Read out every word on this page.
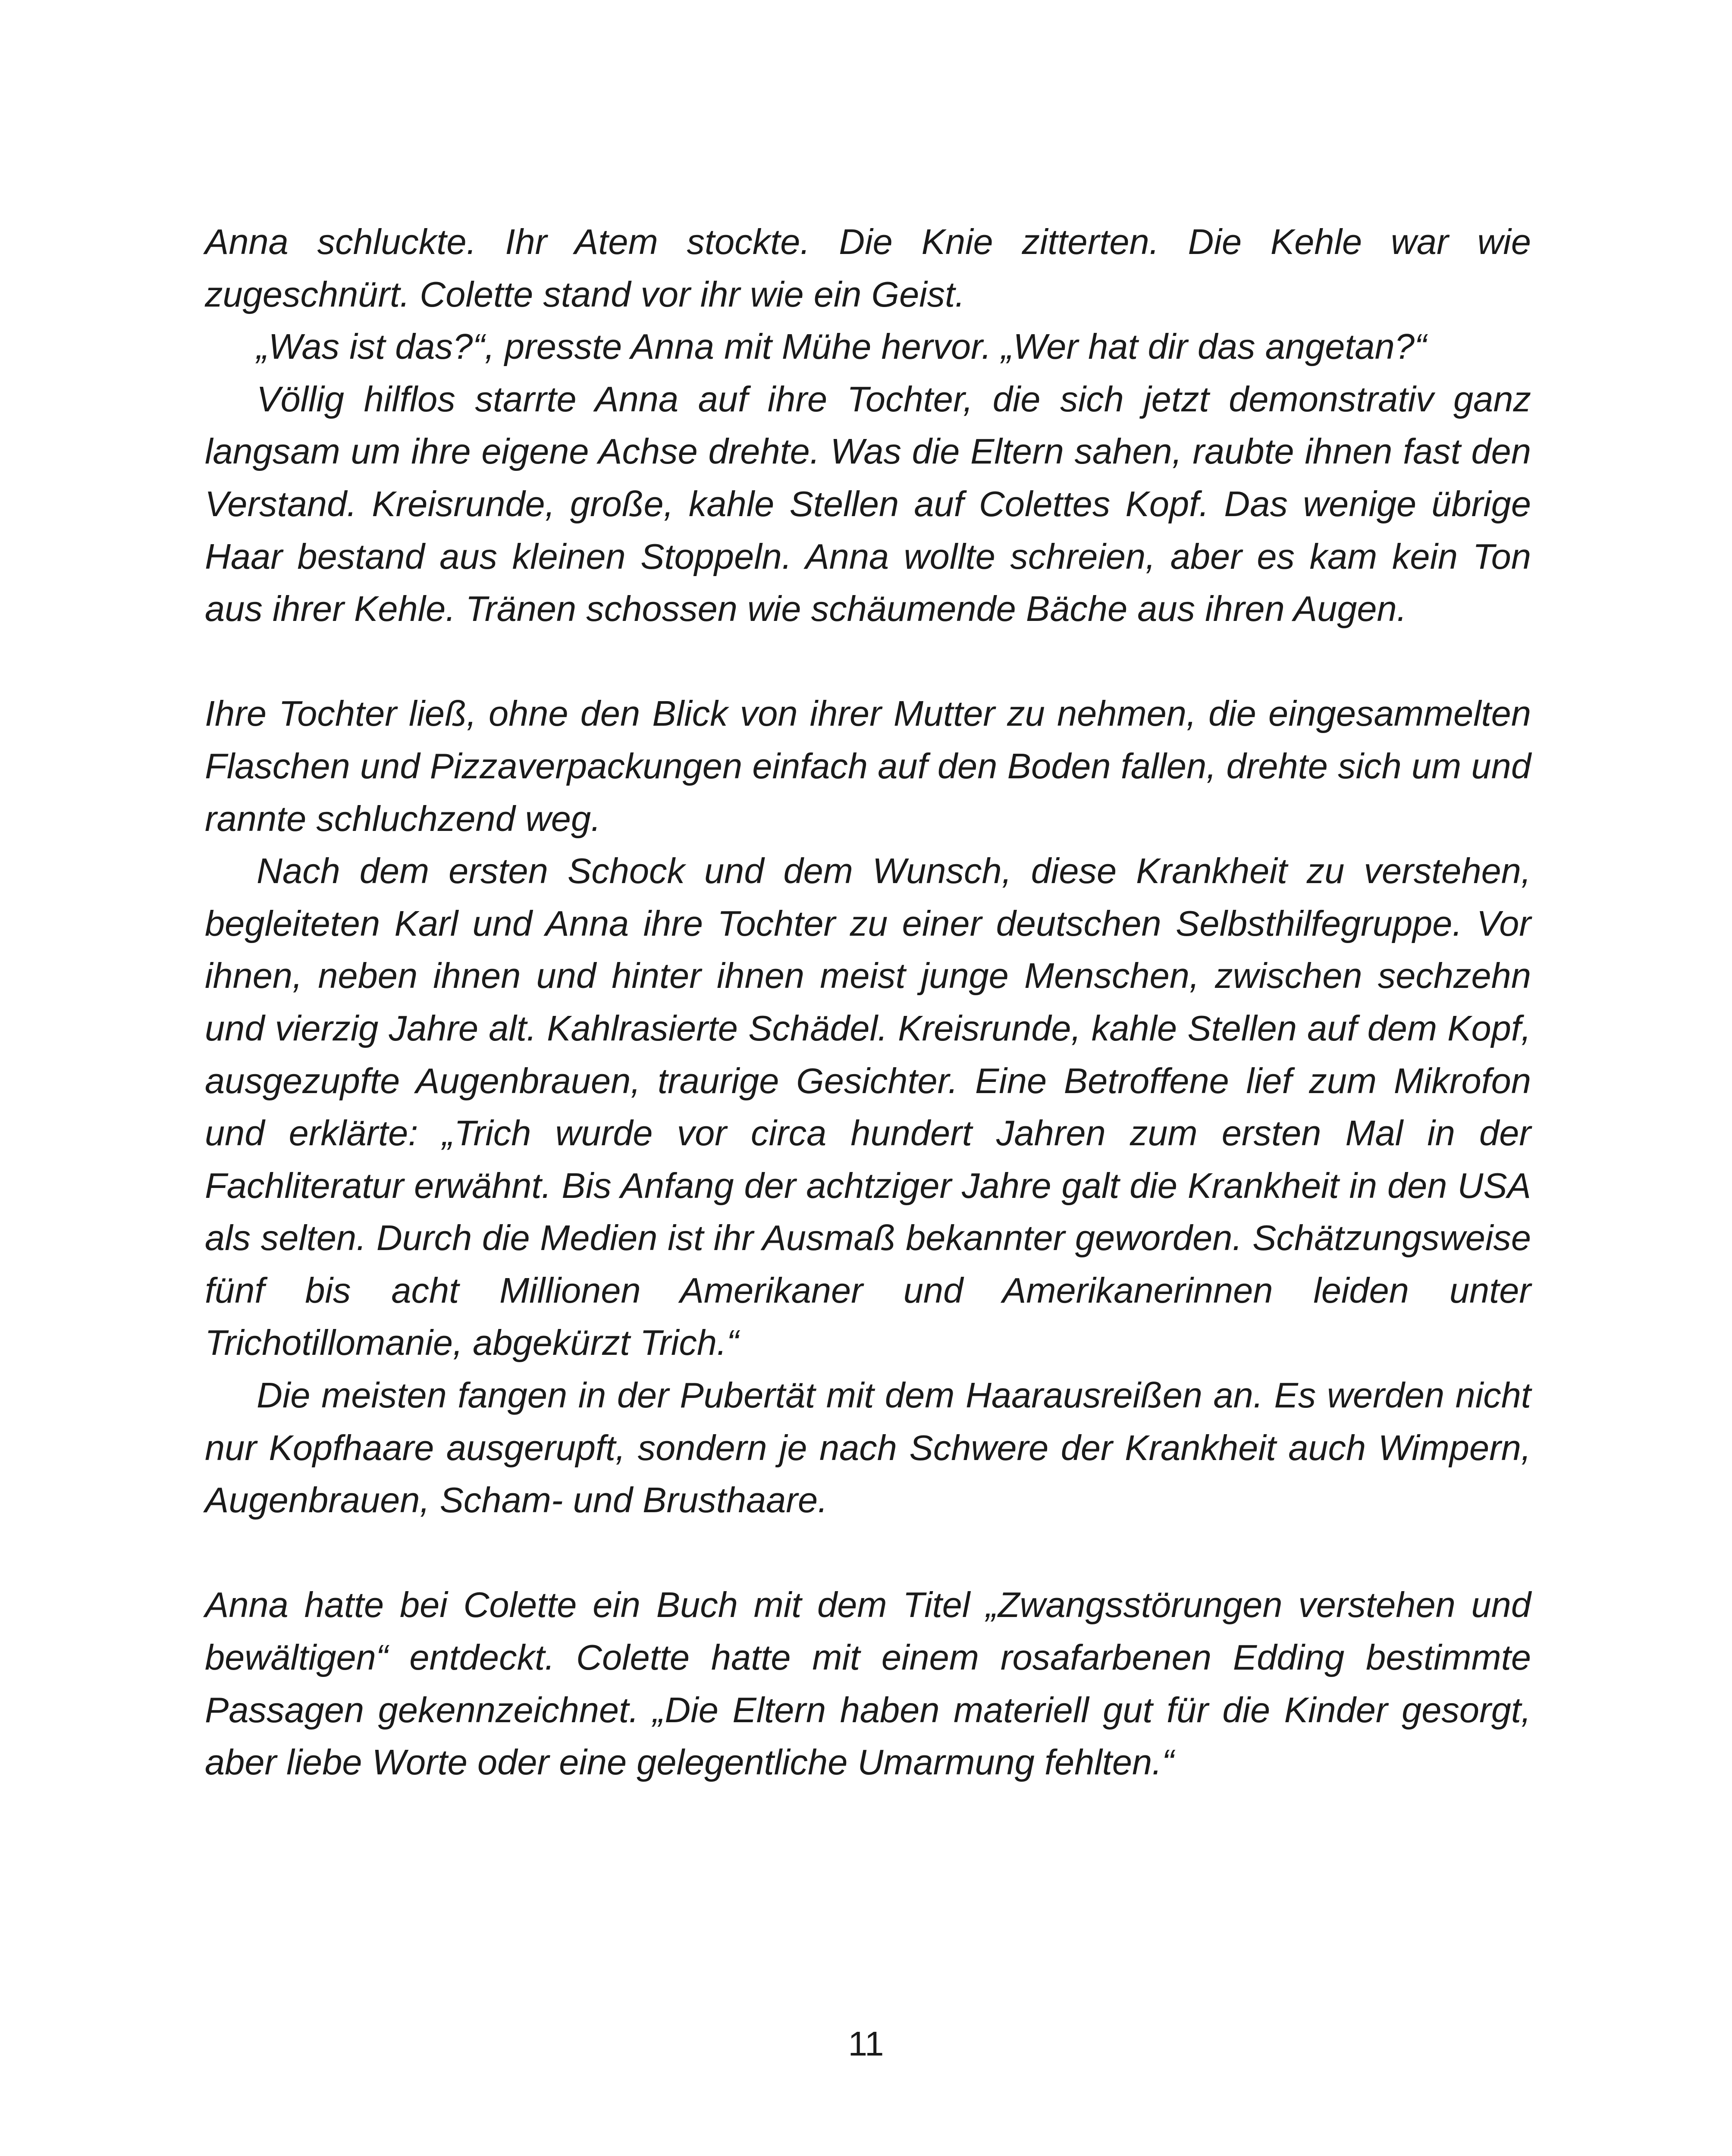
Anna schluckte. Ihr Atem stockte. Die Knie zitterten. Die Kehle war wie zugeschnürt. Colette stand vor ihr wie ein Geist.

„Was ist das?“, presste Anna mit Mühe hervor. „Wer hat dir das angetan?“

Völlig hilflos starrte Anna auf ihre Tochter, die sich jetzt demonstrativ ganz langsam um ihre eigene Achse drehte. Was die Eltern sahen, raubte ihnen fast den Verstand. Kreisrunde, große, kahle Stellen auf Colettes Kopf. Das wenige übrige Haar bestand aus kleinen Stoppeln. Anna wollte schreien, aber es kam kein Ton aus ihrer Kehle. Tränen schossen wie schäumende Bäche aus ihren Augen.

Ihre Tochter ließ, ohne den Blick von ihrer Mutter zu nehmen, die eingesammelten Flaschen und Pizzaverpackungen einfach auf den Boden fallen, drehte sich um und rannte schluchzend weg.

Nach dem ersten Schock und dem Wunsch, diese Krankheit zu verstehen, begleiteten Karl und Anna ihre Tochter zu einer deutschen Selbsthilfegruppe. Vor ihnen, neben ihnen und hinter ihnen meist junge Menschen, zwischen sechzehn und vierzig Jahre alt. Kahlrasierte Schädel. Kreisrunde, kahle Stellen auf dem Kopf, ausgezupfte Augenbrauen, traurige Gesichter. Eine Betroffene lief zum Mikrofon und erklärte: „Trich wurde vor circa hundert Jahren zum ersten Mal in der Fachliteratur erwähnt. Bis Anfang der achtziger Jahre galt die Krankheit in den USA als selten. Durch die Medien ist ihr Ausmaß bekannter geworden. Schätzungsweise fünf bis acht Millionen Amerikaner und Amerikanerinnen leiden unter Trichotillomanie, abgekürzt Trich.“

Die meisten fangen in der Pubertät mit dem Haarausreißen an. Es werden nicht nur Kopfhaare ausgerupft, sondern je nach Schwere der Krankheit auch Wimpern, Augenbrauen, Scham- und Brusthaare.

Anna hatte bei Colette ein Buch mit dem Titel „Zwangsstörungen verstehen und bewältigen“ entdeckt. Colette hatte mit einem rosafarbenen Edding bestimmte Passagen gekennzeichnet. „Die Eltern haben materiell gut für die Kinder gesorgt, aber liebe Worte oder eine gelegentliche Umarmung fehlten.“

11
